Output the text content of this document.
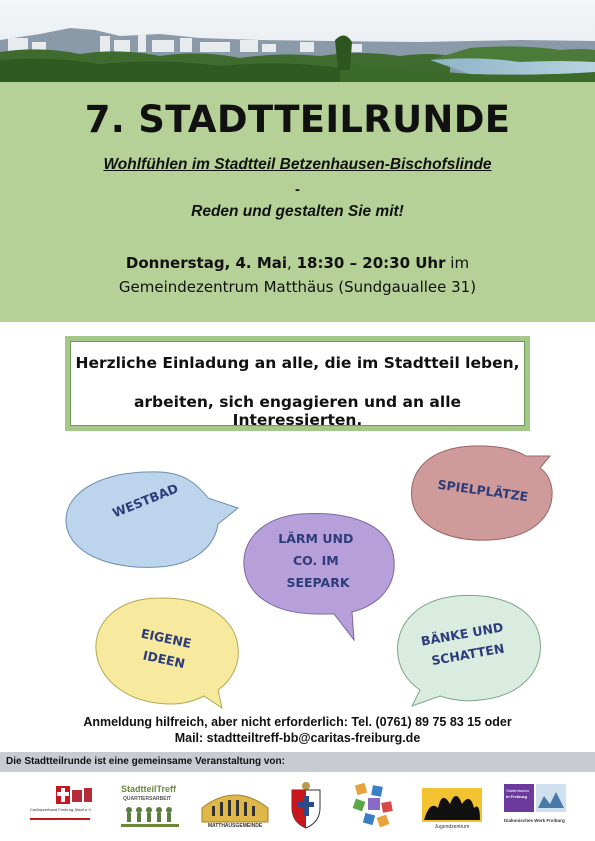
7. STADTTEILRUNDE
Wohlfühlen im Stadtteil Betzenhausen-Bischofslinde
-
Reden und gestalten Sie mit!
Donnerstag, 4. Mai, 18:30 – 20:30 Uhr im
Gemeindezentrum Matthäus (Sundgauallee 31)
Herzliche Einladung an alle, die im Stadtteil leben,
arbeiten, sich engagieren und an alle Interessierten.
WESTBAD
LÄRM UND CO. IM SEEPARK
SPIELPLÄTZE
EIGENE IDEEN
BÄNKE UND SCHATTEN
Anmeldung hilfreich, aber nicht erforderlich: Tel. (0761) 89 75 83 15 oder
Mail: stadtteiltreff-bb@caritas-freiburg.de
Die Stadtteilrunde ist eine gemeinsame Veranstaltung von:
Caritasverband Freiburg-Stadt e.V.
StadtteilTreff
QUARTIERSARBEIT
MATTHÄUSGEMEINDE	Jugendzentrum
Stadtmission
in Freiburg
Diakonisches Werk Freiburg
